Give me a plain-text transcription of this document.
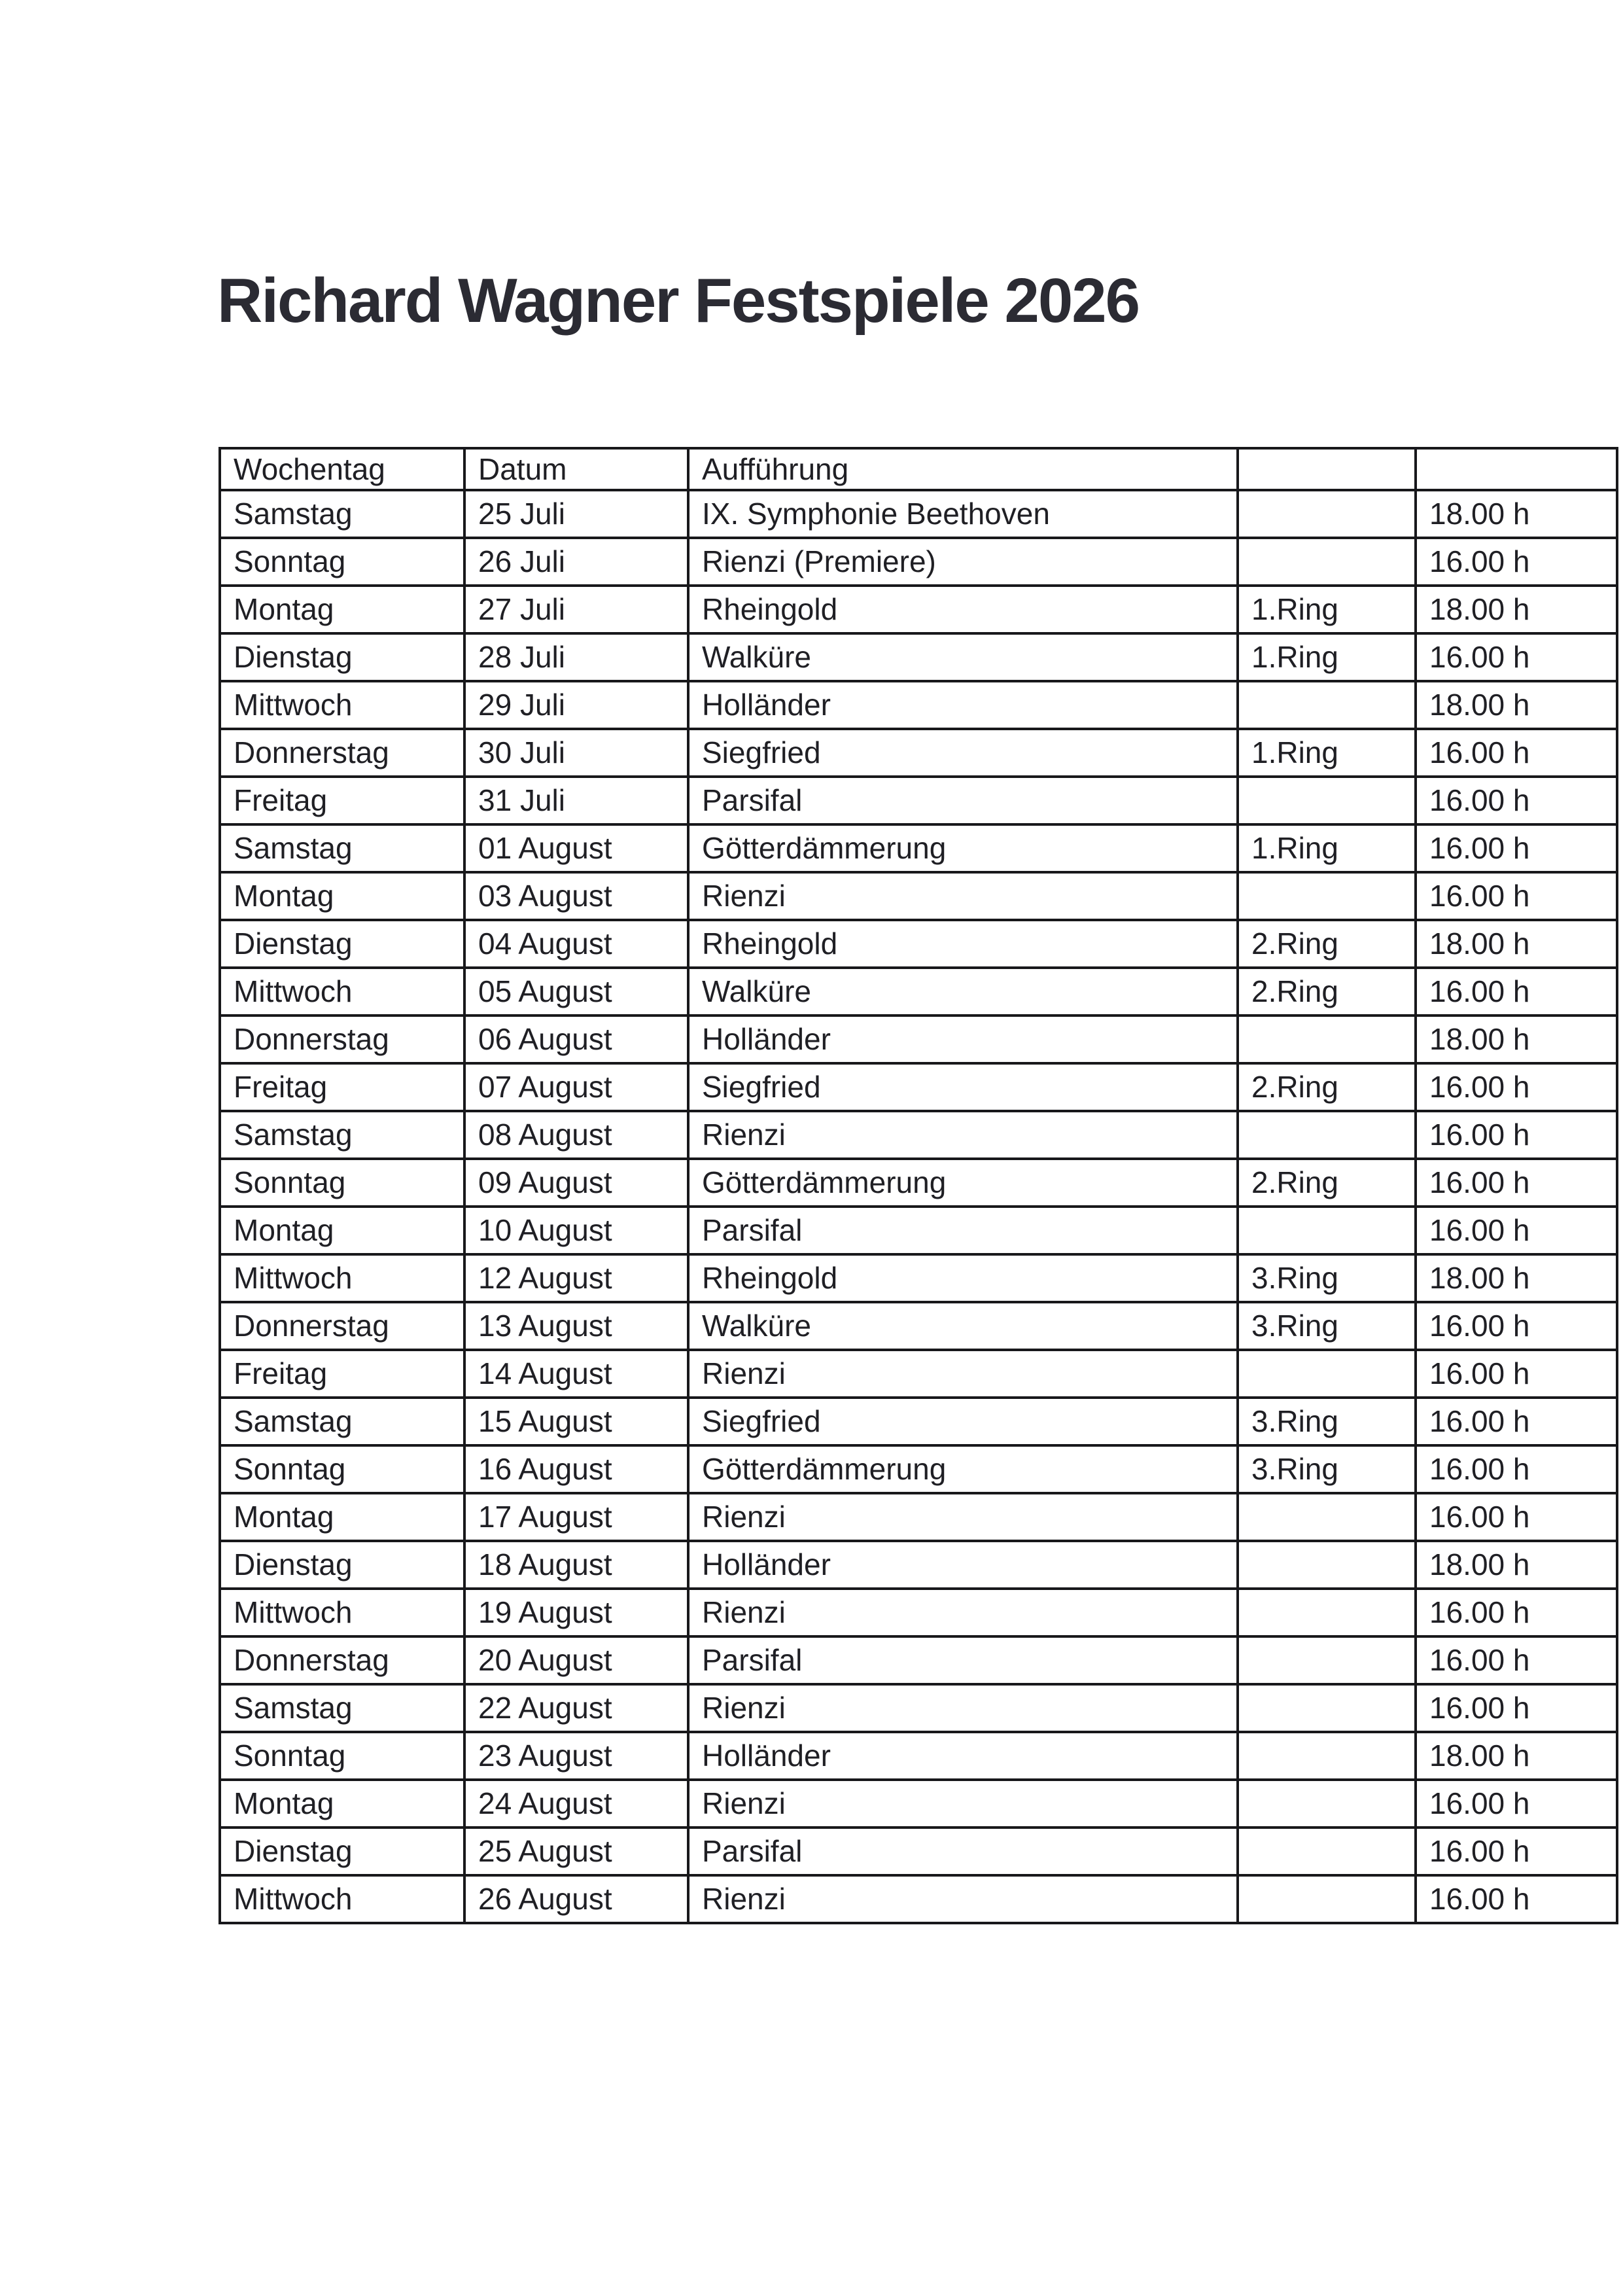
Richard Wagner Festspiele 2026
Wochentag	Datum	Aufführung		
Samstag	25 Juli	IX. Symphonie Beethoven		18.00 h
Sonntag	26 Juli	Rienzi (Premiere)		16.00 h
Montag	27 Juli	Rheingold	1.Ring	18.00 h
Dienstag	28 Juli	Walküre	1.Ring	16.00 h
Mittwoch	29 Juli	Holländer		18.00 h
Donnerstag	30 Juli	Siegfried	1.Ring	16.00 h
Freitag	31 Juli	Parsifal		16.00 h
Samstag	01 August	Götterdämmerung	1.Ring	16.00 h
Montag	03 August	Rienzi		16.00 h
Dienstag	04 August	Rheingold	2.Ring	18.00 h
Mittwoch	05 August	Walküre	2.Ring	16.00 h
Donnerstag	06 August	Holländer		18.00 h
Freitag	07 August	Siegfried	2.Ring	16.00 h
Samstag	08 August	Rienzi		16.00 h
Sonntag	09 August	Götterdämmerung	2.Ring	16.00 h
Montag	10 August	Parsifal		16.00 h
Mittwoch	12 August	Rheingold	3.Ring	18.00 h
Donnerstag	13 August	Walküre	3.Ring	16.00 h
Freitag	14 August	Rienzi		16.00 h
Samstag	15 August	Siegfried	3.Ring	16.00 h
Sonntag	16 August	Götterdämmerung	3.Ring	16.00 h
Montag	17 August	Rienzi		16.00 h
Dienstag	18 August	Holländer		18.00 h
Mittwoch	19 August	Rienzi		16.00 h
Donnerstag	20 August	Parsifal		16.00 h
Samstag	22 August	Rienzi		16.00 h
Sonntag	23 August	Holländer		18.00 h
Montag	24 August	Rienzi		16.00 h
Dienstag	25 August	Parsifal		16.00 h
Mittwoch	26 August	Rienzi		16.00 h
